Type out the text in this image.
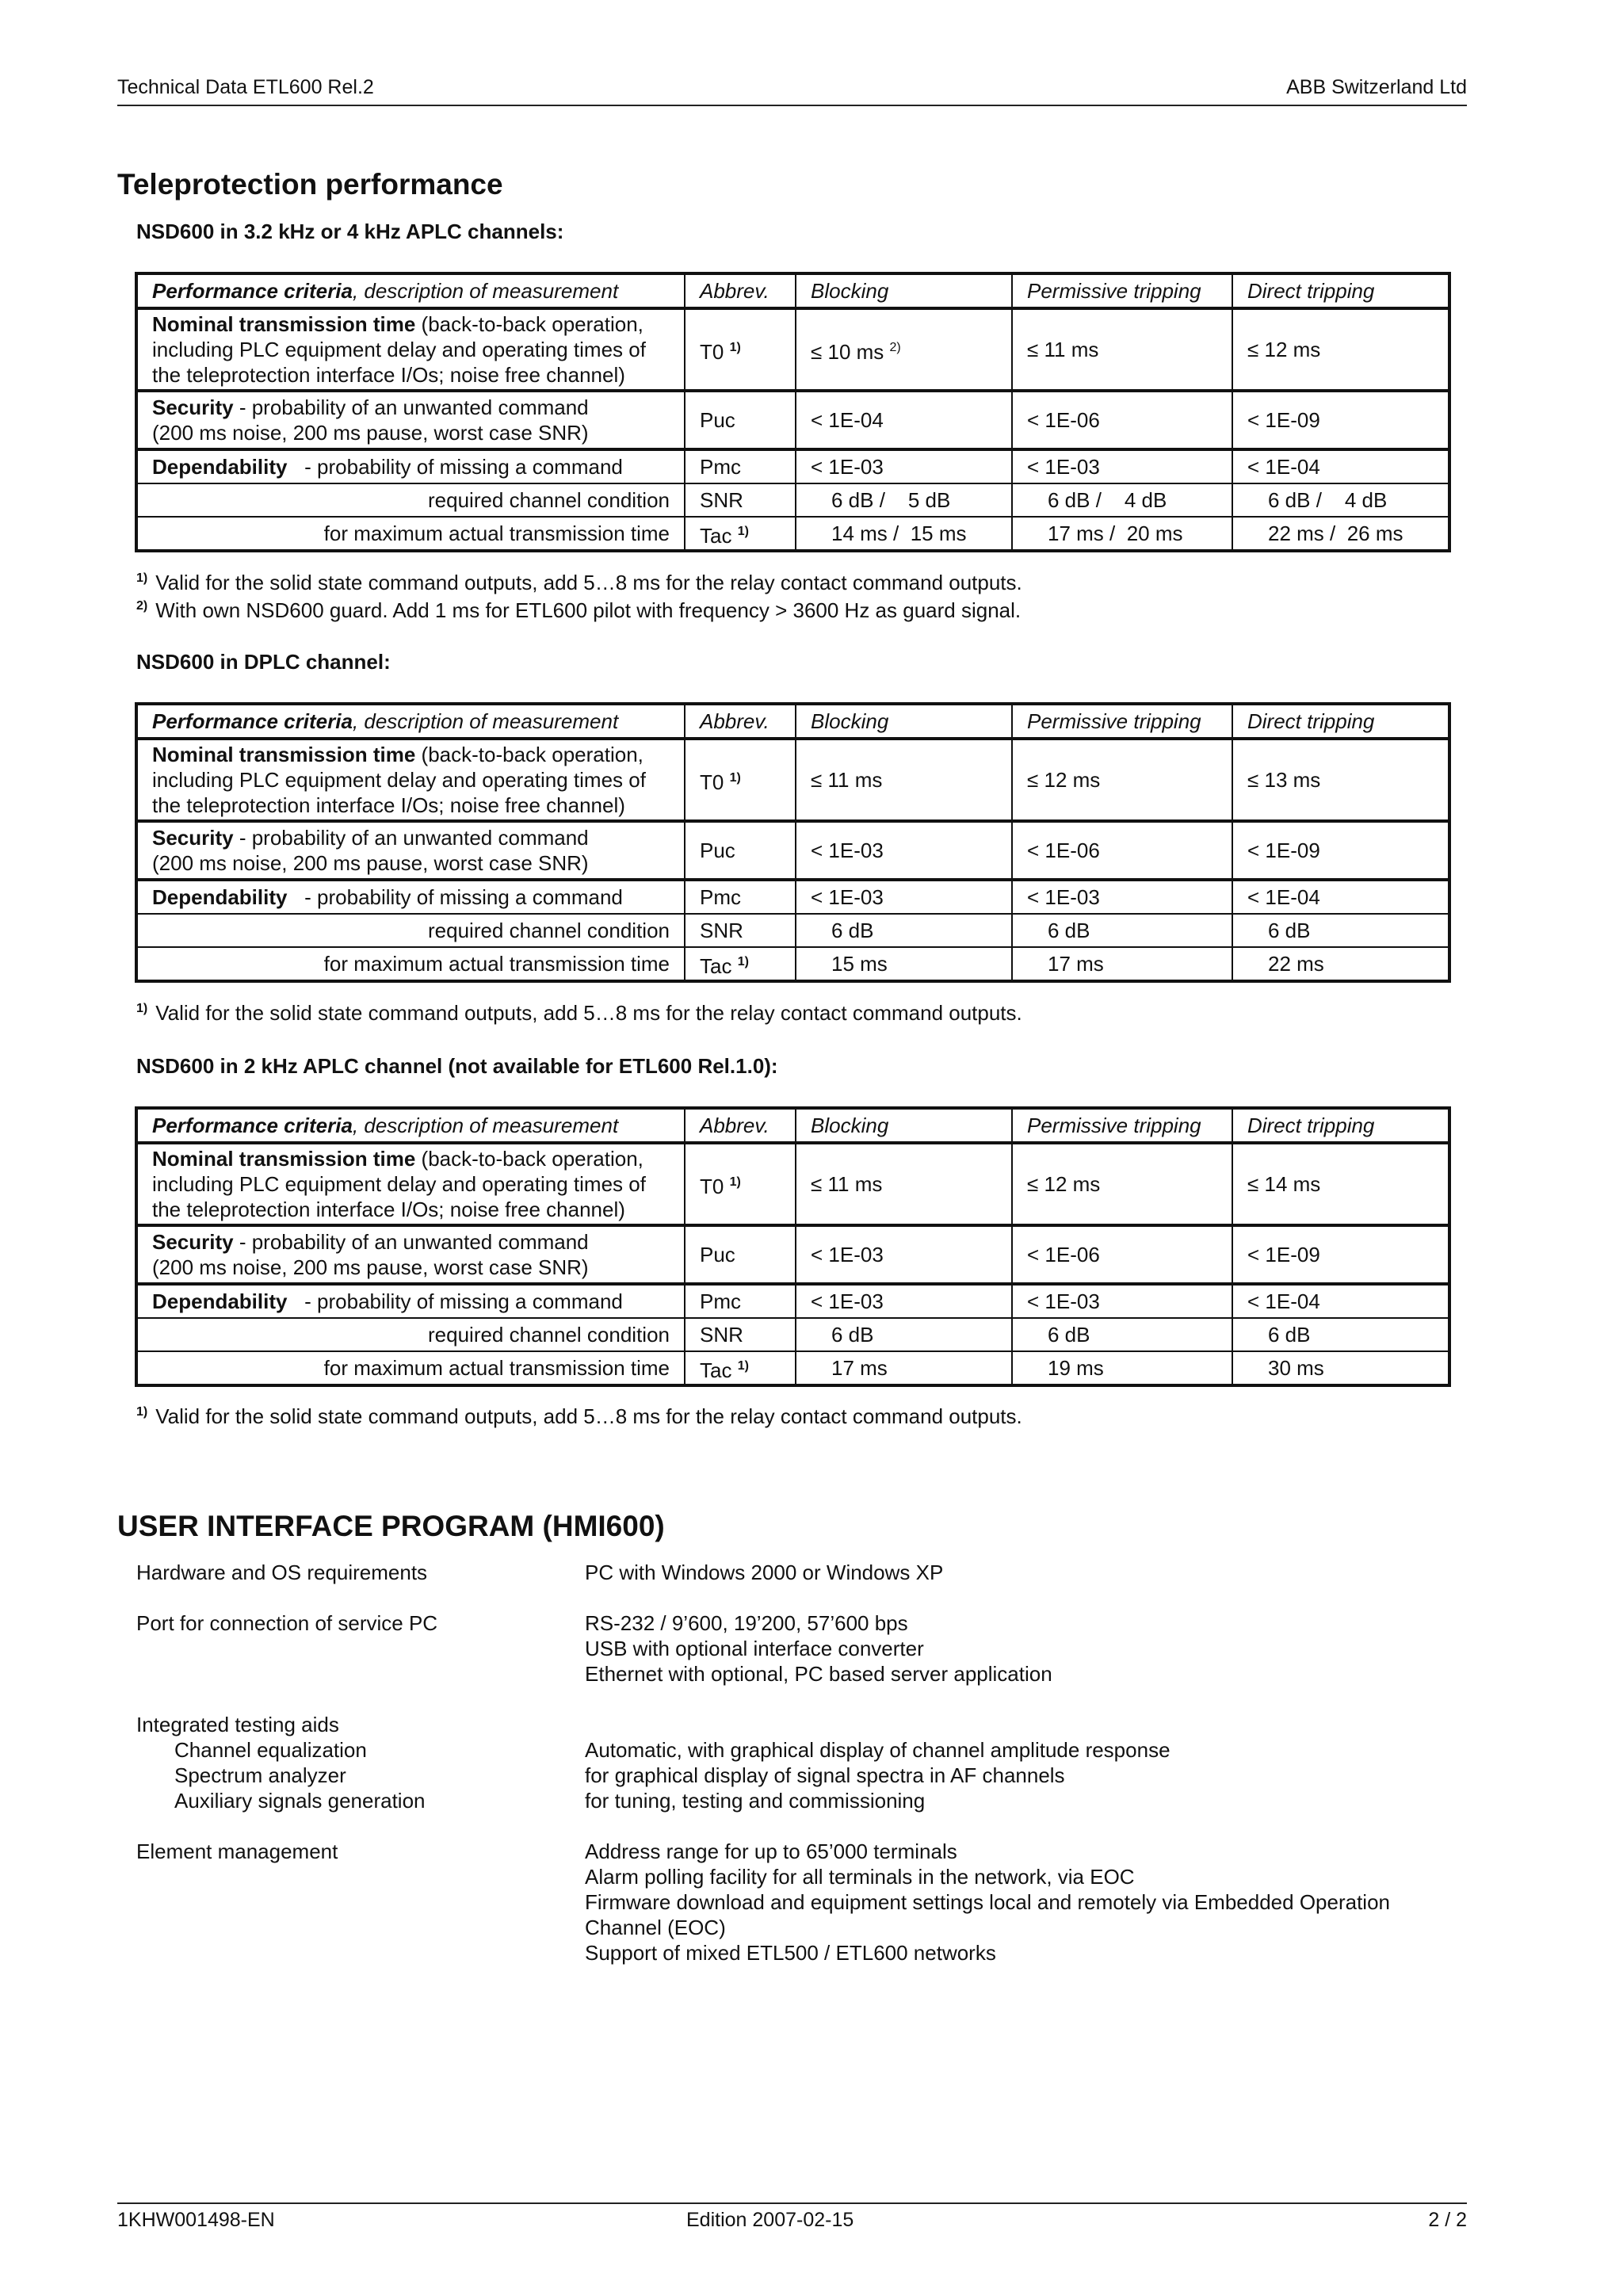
Technical Data ETL600 Rel.2	ABB Switzerland Ltd
Teleprotection performance
NSD600 in 3.2 kHz or 4 kHz APLC channels:
Performance criteria, description of measurement	Abbrev.	Blocking	Permissive tripping	Direct tripping
Nominal transmission time (back-to-back operation,
including PLC equipment delay and operating times of
the teleprotection interface I/Os; noise free channel)	T0 $^{1)}$	≤ 10 ms $^{2)}$	≤ 11 ms	≤ 12 ms
Security - probability of an unwanted command
(200 ms noise, 200 ms pause, worst case SNR)	Puc	< 1E-04	< 1E-06	< 1E-09
Dependability - probability of missing a command	Pmc	< 1E-03	< 1E-03	< 1E-04
required channel condition	SNR	6 dB /    5 dB	6 dB /    4 dB	6 dB /    4 dB
for maximum actual transmission time	Tac $^{1)}$	14 ms /  15 ms	17 ms /  20 ms	22 ms /  26 ms
$^{1)}$ Valid for the solid state command outputs, add 5…8 ms for the relay contact command outputs.
$^{2)}$ With own NSD600 guard. Add 1 ms for ETL600 pilot with frequency > 3600 Hz as guard signal.
NSD600 in DPLC channel:
Performance criteria, description of measurement	Abbrev.	Blocking	Permissive tripping	Direct tripping
Nominal transmission time (back-to-back operation,
including PLC equipment delay and operating times of
the teleprotection interface I/Os; noise free channel)	T0 $^{1)}$	≤ 11 ms	≤ 12 ms	≤ 13 ms
Security - probability of an unwanted command
(200 ms noise, 200 ms pause, worst case SNR)	Puc	< 1E-03	< 1E-06	< 1E-09
Dependability - probability of missing a command	Pmc	< 1E-03	< 1E-03	< 1E-04
required channel condition	SNR	6 dB	6 dB	6 dB
for maximum actual transmission time	Tac $^{1)}$	15 ms	17 ms	22 ms
$^{1)}$ Valid for the solid state command outputs, add 5…8 ms for the relay contact command outputs.
NSD600 in 2 kHz APLC channel (not available for ETL600 Rel.1.0):
Performance criteria, description of measurement	Abbrev.	Blocking	Permissive tripping	Direct tripping
Nominal transmission time (back-to-back operation,
including PLC equipment delay and operating times of
the teleprotection interface I/Os; noise free channel)	T0 $^{1)}$	≤ 11 ms	≤ 12 ms	≤ 14 ms
Security - probability of an unwanted command
(200 ms noise, 200 ms pause, worst case SNR)	Puc	< 1E-03	< 1E-06	< 1E-09
Dependability - probability of missing a command	Pmc	< 1E-03	< 1E-03	< 1E-04
required channel condition	SNR	6 dB	6 dB	6 dB
for maximum actual transmission time	Tac $^{1)}$	17 ms	19 ms	30 ms
$^{1)}$ Valid for the solid state command outputs, add 5…8 ms for the relay contact command outputs.
USER INTERFACE PROGRAM (HMI600)
Hardware and OS requirements	PC with Windows 2000 or Windows XP
Port for connection of service PC	RS-232 / 9’600, 19’200, 57’600 bps
USB with optional interface converter
Ethernet with optional, PC based server application
Integrated testing aids
Channel equalization	Automatic, with graphical display of channel amplitude response
Spectrum analyzer	for graphical display of signal spectra in AF channels
Auxiliary signals generation	for tuning, testing and commissioning
Element management	Address range for up to 65’000 terminals
Alarm polling facility for all terminals in the network, via EOC
Firmware download and equipment settings local and remotely via Embedded Operation
Channel (EOC)
Support of mixed ETL500 / ETL600 networks
1KHW001498-EN	Edition 2007-02-15	2 / 2
